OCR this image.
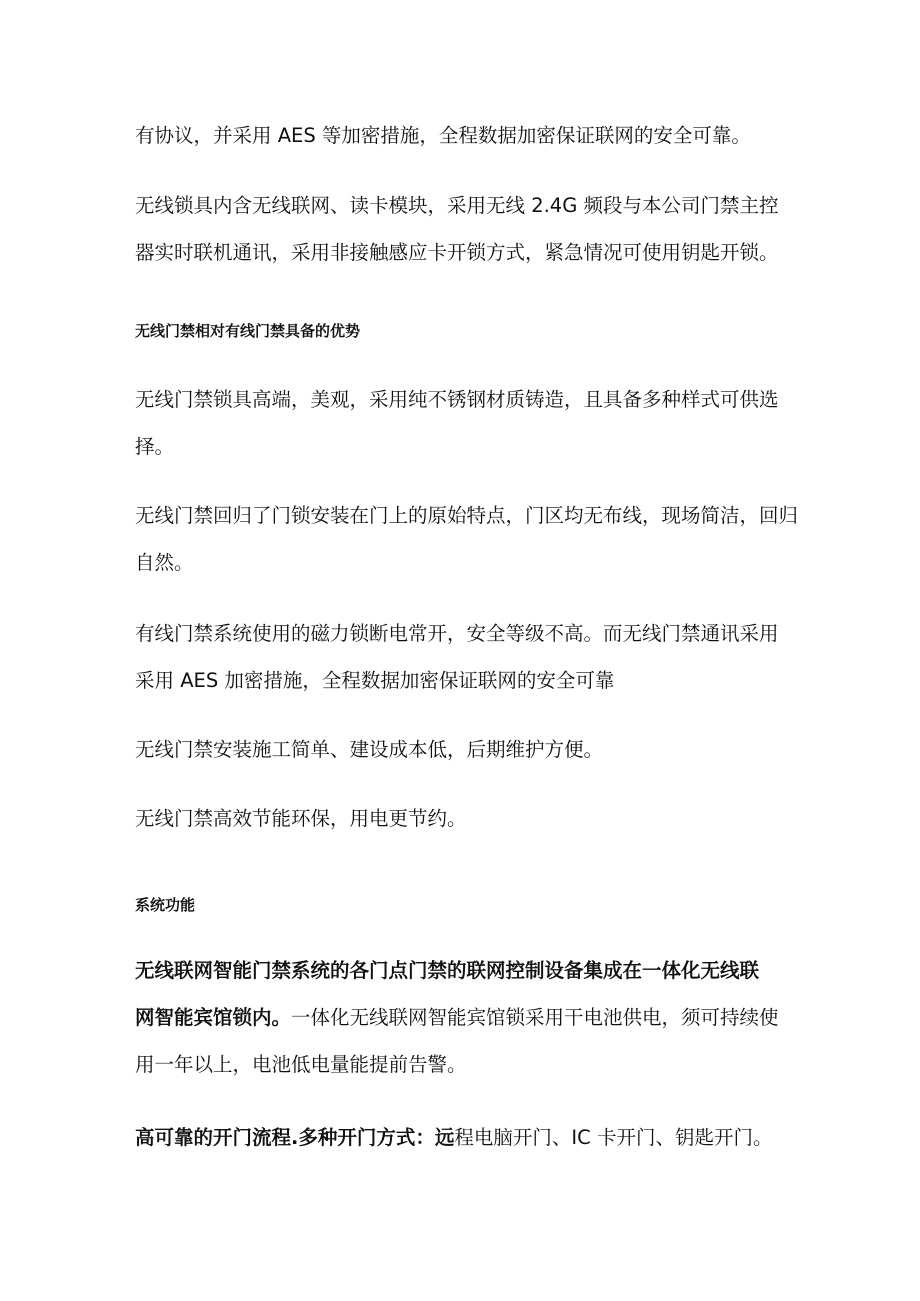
有协议，并采用 AES 等加密措施，全程数据加密保证联网的安全可靠。

无线锁具内含无线联网、读卡模块，采用无线 2.4G 频段与本公司门禁主控
器实时联机通讯，采用非接触感应卡开锁方式，紧急情况可使用钥匙开锁。

无线门禁相对有线门禁具备的优势

无线门禁锁具高端，美观，采用纯不锈钢材质铸造，且具备多种样式可供选
择。

无线门禁回归了门锁安装在门上的原始特点，门区均无布线，现场简洁，回归
自然。

有线门禁系统使用的磁力锁断电常开，安全等级不高。而无线门禁通讯采用
采用 AES 加密措施，全程数据加密保证联网的安全可靠

无线门禁安装施工简单、建设成本低，后期维护方便。

无线门禁高效节能环保，用电更节约。

系统功能

无线联网智能门禁系统的各门点门禁的联网控制设备集成在一体化无线联
网智能宾馆锁内。一体化无线联网智能宾馆锁采用干电池供电，须可持续使
用一年以上，电池低电量能提前告警。

高可靠的开门流程.多种开门方式：远程电脑开门、IC 卡开门、钥匙开门。
